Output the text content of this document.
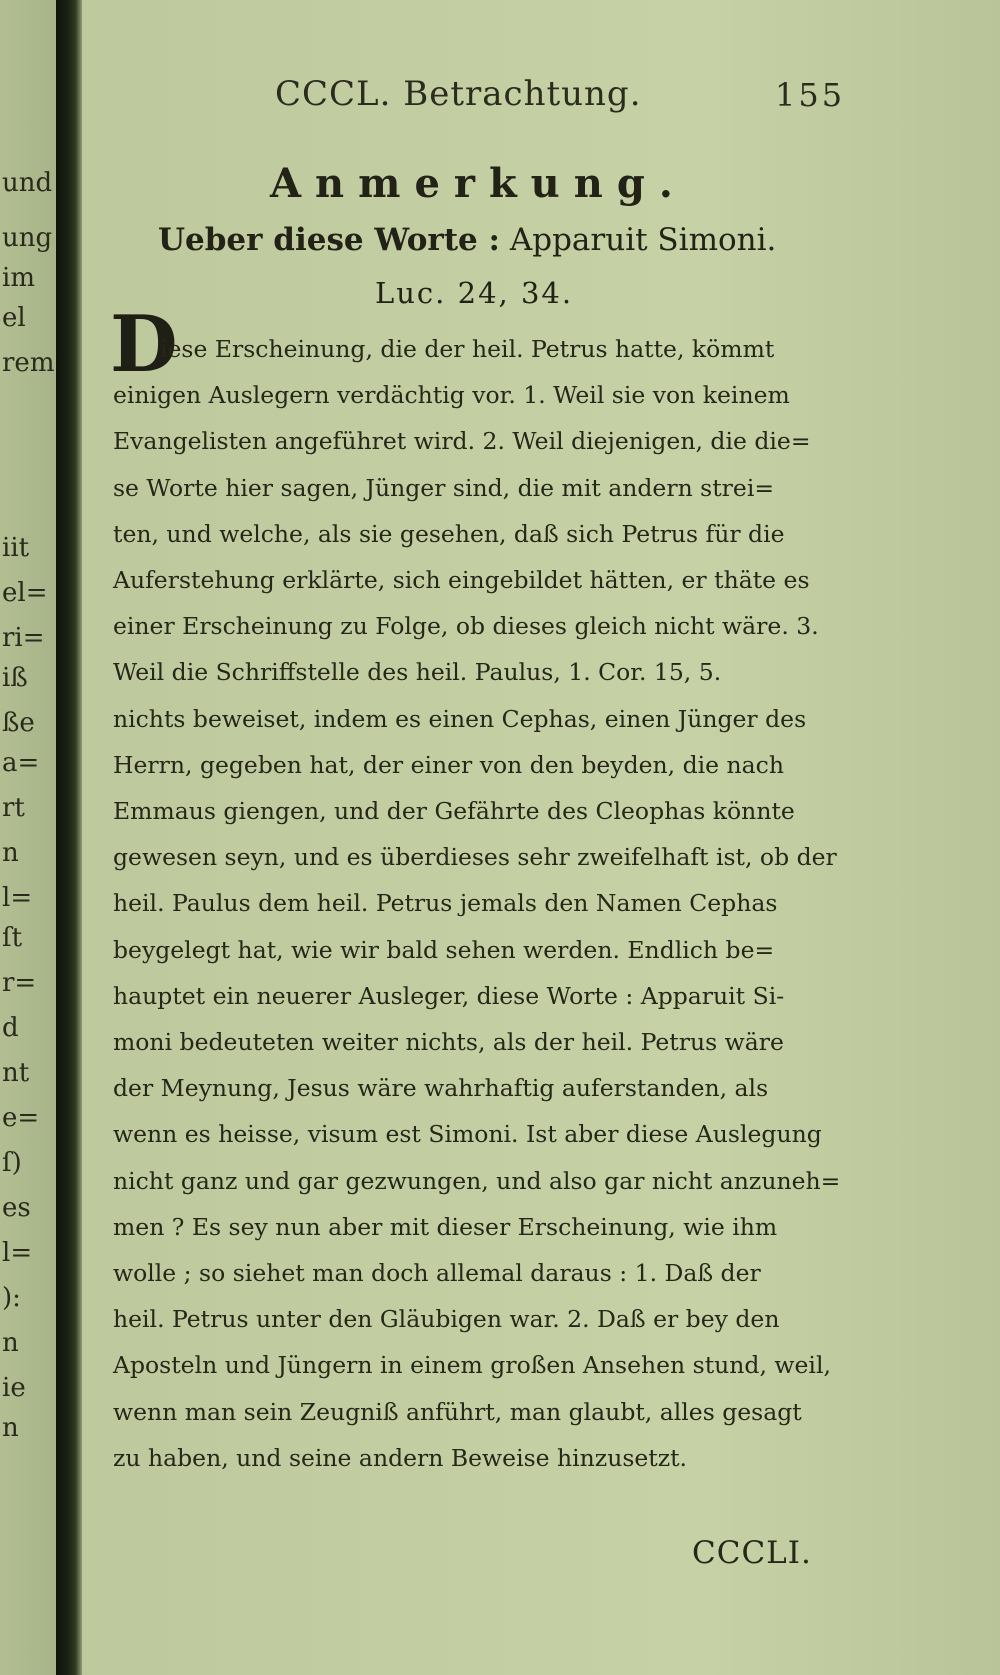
und
ung
im
el
rem
iit
el=
ri=
iß
ße
a=
rt
n
l=
ſt
r=
d
nt
e=
ſ)
es
l=
):
n
ie
n
CCCL. Betrachtung.	155
Anmerkung.
Ueber diese Worte : Apparuit Simoni.
Luc. 24, 34.
D
iese Erscheinung, die der heil. Petrus hatte, kömmt
einigen Auslegern verdächtig vor. 1. Weil sie von keinem
Evangelisten angeführet wird. 2. Weil diejenigen, die die=
se Worte hier sagen, Jünger sind, die mit andern strei=
ten, und welche, als sie gesehen, daß sich Petrus für die
Auferstehung erklärte, sich eingebildet hätten, er thäte es
einer Erscheinung zu Folge, ob dieses gleich nicht wäre. 3.
Weil die Schriffstelle des heil. Paulus, 1. Cor. 15, 5.
nichts beweiset, indem es einen Cephas, einen Jünger des
Herrn, gegeben hat, der einer von den beyden, die nach
Emmaus giengen, und der Gefährte des Cleophas könnte
gewesen seyn, und es überdieses sehr zweifelhaft ist, ob der
heil. Paulus dem heil. Petrus jemals den Namen Cephas
beygelegt hat, wie wir bald sehen werden. Endlich be=
hauptet ein neuerer Ausleger, diese Worte : Apparuit Si-
moni bedeuteten weiter nichts, als der heil. Petrus wäre
der Meynung, Jesus wäre wahrhaftig auferstanden, als
wenn es heisse, visum est Simoni. Ist aber diese Auslegung
nicht ganz und gar gezwungen, und also gar nicht anzuneh=
men ? Es sey nun aber mit dieser Erscheinung, wie ihm
wolle ; so siehet man doch allemal daraus : 1. Daß der
heil. Petrus unter den Gläubigen war. 2. Daß er bey den
Aposteln und Jüngern in einem großen Ansehen stund, weil,
wenn man sein Zeugniß anführt, man glaubt, alles gesagt
zu haben, und seine andern Beweise hinzusetzt.
CCCLI.
